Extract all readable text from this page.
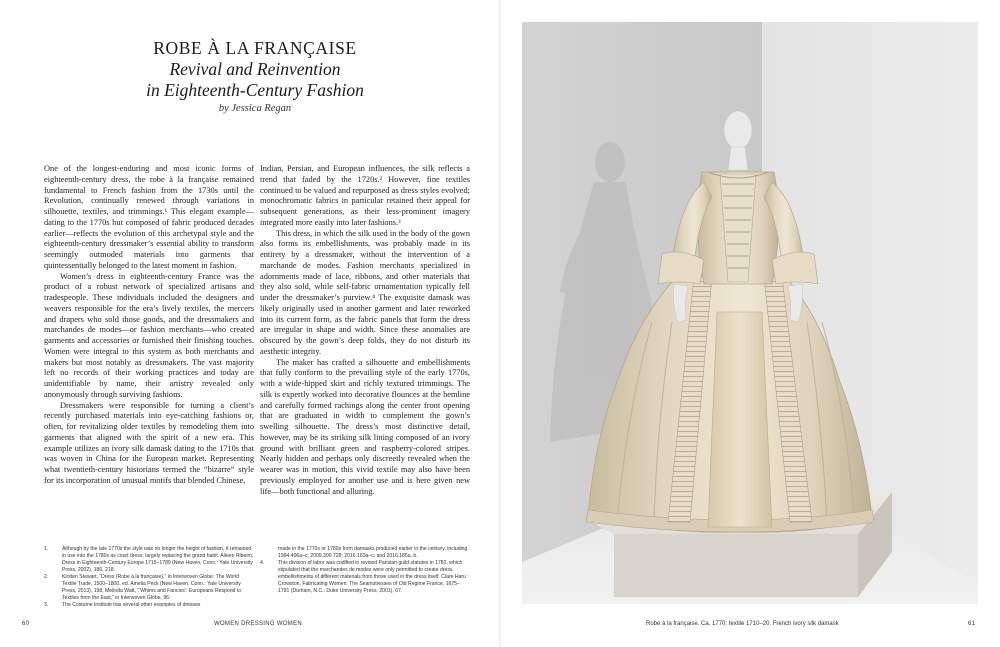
ROBE À LA FRANÇAISE
Revival and Reinvention
in Eighteenth-Century Fashion
by Jessica Regan

One of the longest-enduring and most iconic forms of eighteenth-century dress, the robe à la française remained fundamental to French fashion from the 1730s until the Revolution, continually renewed through variations in silhouette, textiles, and trimmings.¹ This elegant example—dating to the 1770s but composed of fabric produced decades earlier—reflects the evolution of this archetypal style and the eighteenth-century dressmaker’s essential ability to transform seemingly outmoded materials into garments that quintessentially belonged to the latest moment in fashion.

Women’s dress in eighteenth-century France was the product of a robust network of specialized artisans and tradespeople. These individuals included the designers and weavers responsible for the era’s lively textiles, the mercers and drapers who sold those goods, and the dressmakers and marchandes de modes—or fashion merchants—who created garments and accessories or furnished their finishing touches. Women were integral to this system as both merchants and makers but most notably as dressmakers. The vast majority left no records of their working practices and today are unidentifiable by name, their artistry revealed only anonymously through surviving fashions.

Dressmakers were responsible for turning a client’s recently purchased materials into eye-catching fashions or, often, for revitalizing older textiles by remodeling them into garments that aligned with the spirit of a new era. This example utilizes an ivory silk damask dating to the 1710s that was woven in China for the European market. Representing what twentieth-century historians termed the “bizarre” style for its incorporation of unusual motifs that blended Chinese,

Indian, Persian, and European influences, the silk reflects a trend that faded by the 1720s.² However, fine textiles continued to be valued and repurposed as dress styles evolved; monochromatic fabrics in particular retained their appeal for subsequent generations, as their less-prominent imagery integrated more easily into later fashions.³

This dress, in which the silk used in the body of the gown also forms its embellishments, was probably made in its entirety by a dressmaker, without the intervention of a marchande de modes. Fashion merchants specialized in adornments made of lace, ribbons, and other materials that they also sold, while self-fabric ornamentation typically fell under the dressmaker’s purview.⁴ The exquisite damask was likely originally used in another garment and later reworked into its current form, as the fabric panels that form the dress are irregular in shape and width. Since these anomalies are obscured by the gown’s deep folds, they do not disturb its aesthetic integrity.

The maker has crafted a silhouette and embellishments that fully conform to the prevailing style of the early 1770s, with a wide-hipped skirt and richly textured trimmings. The silk is expertly worked into decorative flounces at the hemline and carefully formed rachings along the center front opening that are graduated in width to complement the gown’s swelling silhouette. The dress’s most distinctive detail, however, may be its striking silk lining composed of an ivory ground with brilliant green and raspberry-colored stripes. Nearly hidden and perhaps only discreetly revealed when the wearer was in motion, this vivid textile may also have been previously employed for another use and is here given new life—both functional and alluring.

1.	Although by the late 1770s the style was no longer the height of fashion, it remained in use into the 1780s as court dress, largely replacing the grand habit. Aileen Ribeiro, Dress in Eighteenth-Century Europe 1715–1789 (New Haven, Conn.: Yale University Press, 2002), 186, 218.
2.	Kirsten Stewart, “Dress (Robe à la française),” in Interwoven Globe: The World Textile Trade, 1500–1800, ed. Amelia Peck (New Haven, Conn.: Yale University Press, 2013), 198; Melinda Watt, “‘Whims and Fancies’: Europeans Respond to Textiles from the East,” in Interwoven Globe, 96.
3.	The Costume Institute has several other examples of dresses
made in the 1770s or 1780s from damasks produced earlier in the century, including 1994.406a–c; 2009.300.728; 2016.183a–c; and 2016.185a, b.
4.	This division of labor was codified in revised Parisian guild statutes in 1782, which stipulated that the marchandes de modes were only permitted to create dress embellishments of different materials from those used in the dress itself. Clare Haru Crowston, Fabricating Women: The Seamstresses of Old Regime France, 1675–1791 (Durham, N.C.: Duke University Press, 2001), 67.
60	WOMEN DRESSING WOMEN	Robe à la française. Ca. 1770; textile 1710–20. French ivory silk damask	61
